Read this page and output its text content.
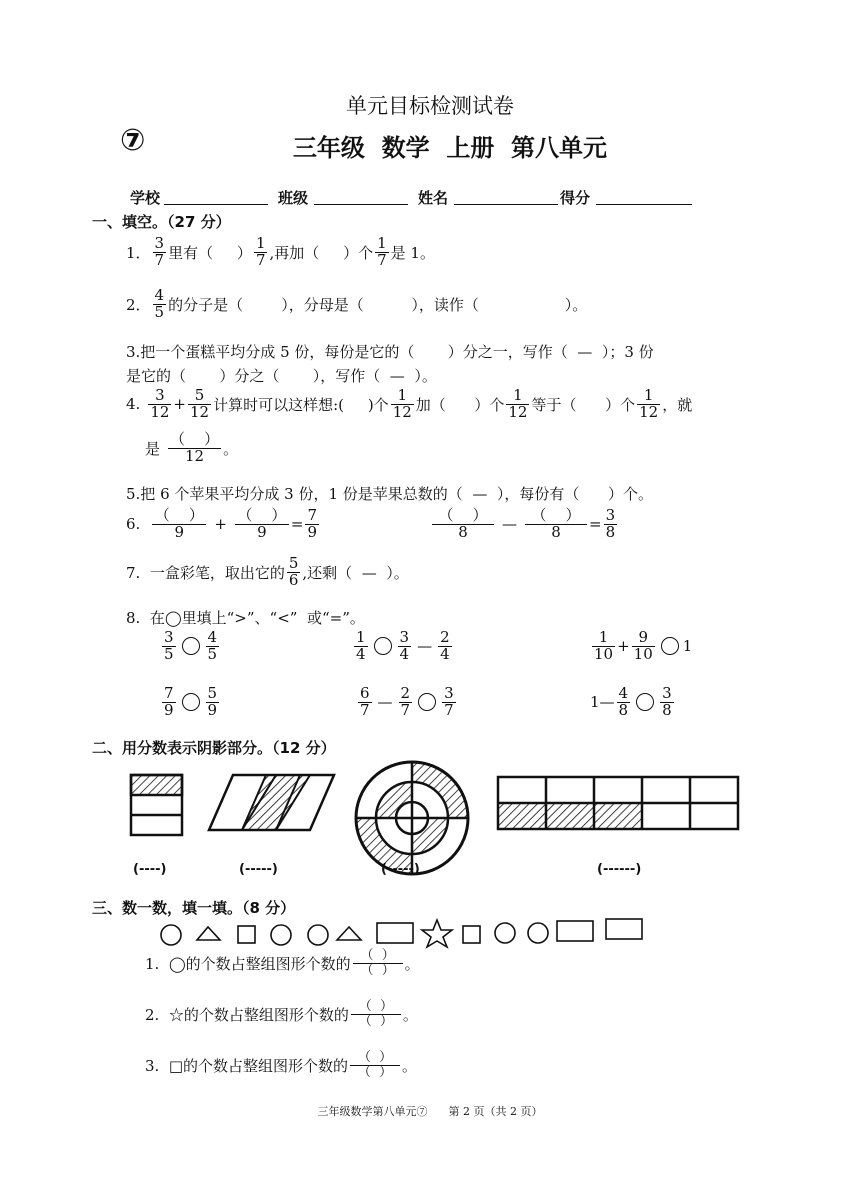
单元目标检测试卷
⑦	三年级  数学  上册  第八单元
学校	班级	姓名	得分
一、填空。（27 分）
1． $\frac{3}{7}$ 里有（     ） $\frac{1}{7}$ ,再加（     ）个 $\frac{1}{7}$ 是 1。
2． $\frac{4}{5}$ 的分子是（        ），分母是（          ），读作（                  ）。
3.把一个蛋糕平均分成 5 份，每份是它的（       ）分之一，写作（  —  ）；3 份
是它的（       ）分之（       ），写作（  —  ）。
4. $\frac{3}{12} + \frac{5}{12}$ 计算时可以这样想:(     )个 $\frac{1}{12}$ 加（      ）个 $\frac{1}{12}$ 等于（      ）个 $\frac{1}{12}$ ，就
是 $\frac{( )}{12}$ 。
5.把 6 个苹果平均分成 3 份，1 份是苹果总数的（  —  ），每份有（      ）个。
6. $\frac{( )}{9} + \frac{( )}{9} = \frac{7}{9}$	$\frac{( )}{8}$ — $\frac{( )}{8} = \frac{3}{8}$
7.  一盒彩笔，取出它的 $\frac{5}{6}$ ,还剩（  —  ）。
8.  在◯里填上“>”、“<”  或“=”。
$\frac{3}{5} \frac{4}{5}$	$\frac{1}{4} \frac{3}{4}$ — $\frac{2}{4}$	$\frac{1}{10} + \frac{9}{10} 1$
$\frac{7}{9} \frac{5}{9}$	$\frac{6}{7}$ — $\frac{2}{7} \frac{3}{7}$	1— $\frac{4}{8} \frac{3}{8}$
二、用分数表示阴影部分。（12 分）
(----)	(-----)	(-----)	(------)
三、数一数，填一填。（8 分）
1.  ◯的个数占整组图形个数的 $\frac{( )}{( )}$ 。
2.  ☆的个数占整组图形个数的 $\frac{( )}{( )}$ 。
3.  □的个数占整组图形个数的 $\frac{( )}{( )}$ 。
三年级数学第八单元⑦      第 2 页（共 2 页）
